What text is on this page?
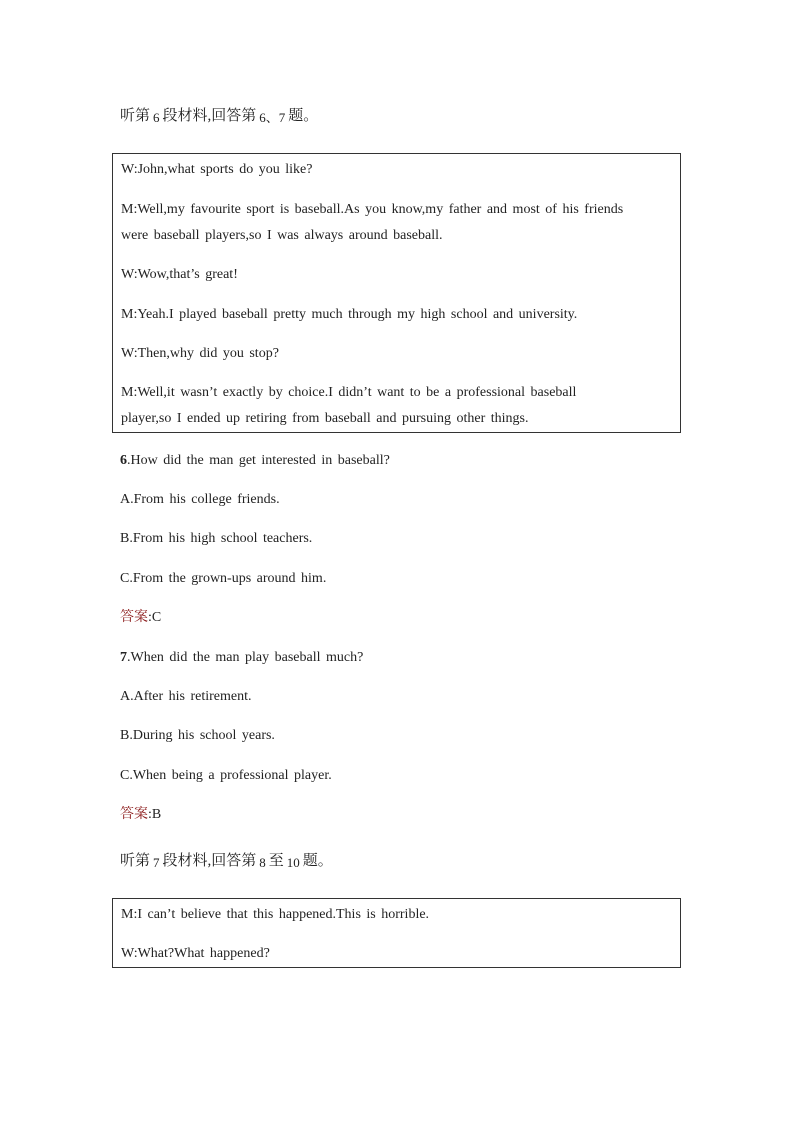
听第 6 段材料,回答第 6、7 题。

W:John,what sports do you like?

M:Well,my favourite sport is baseball.As you know,my father and most of his friends

were baseball players,so I was always around baseball.

W:Wow,that’s great!

M:Yeah.I played baseball pretty much through my high school and university.

W:Then,why did you stop?

M:Well,it wasn’t exactly by choice.I didn’t want to be a professional baseball

player,so I ended up retiring from baseball and pursuing other things.

6.How did the man get interested in baseball?
A.From his college friends.
B.From his high school teachers.
C.From the grown-ups around him.
答案:C
7.When did the man play baseball much?
A.After his retirement.
B.During his school years.
C.When being a professional player.
答案:B
听第 7 段材料,回答第 8 至 10 题。

M:I can’t believe that this happened.This is horrible.

W:What?What happened?
